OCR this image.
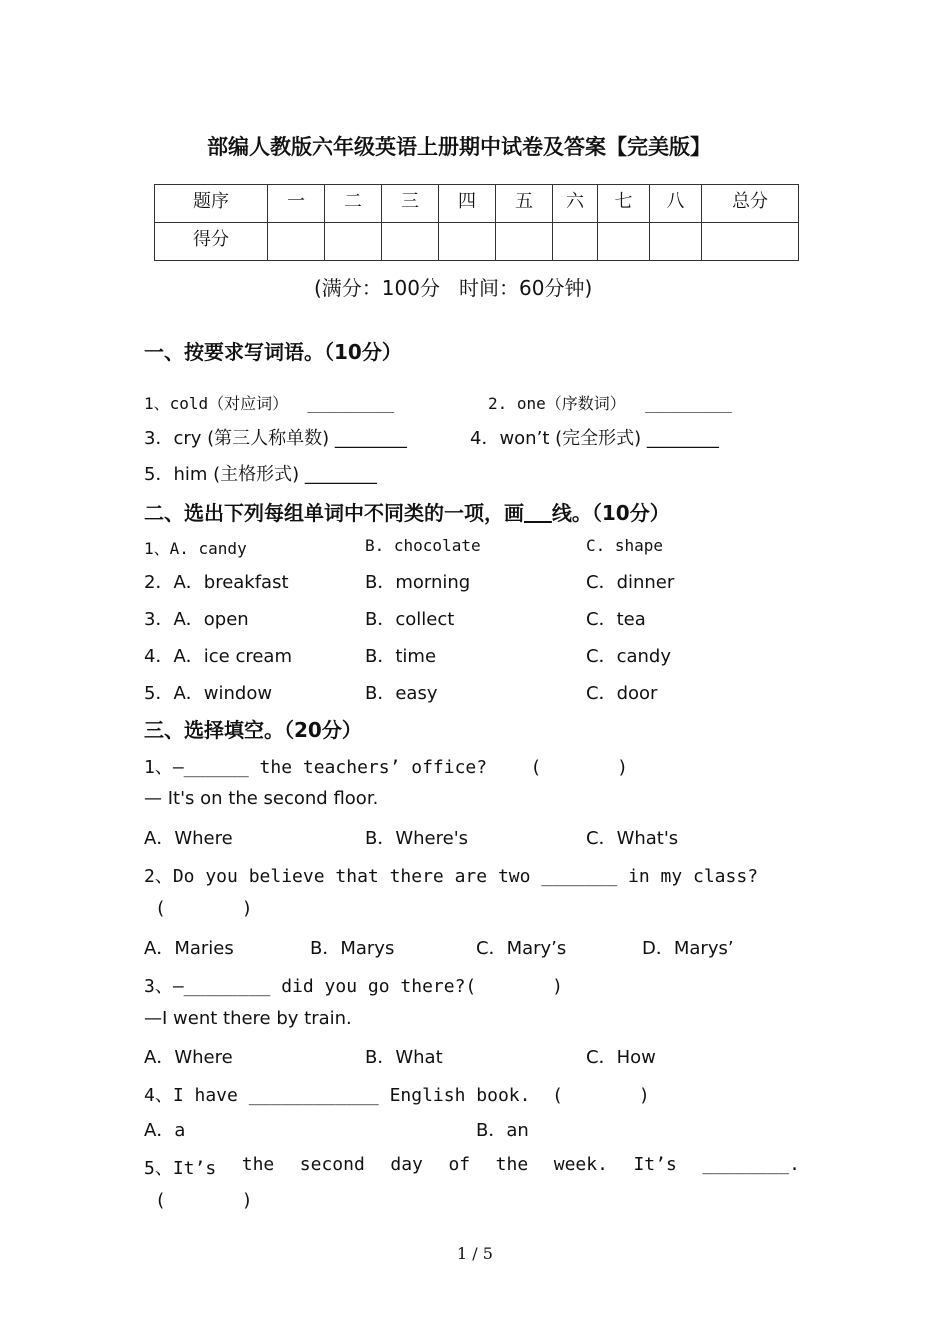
部编人教版六年级英语上册期中试卷及答案【完美版】
题序	一	二	三	四	五	六	七	八	总分
得分									
(满分：100分   时间：60分钟)
一、按要求写词语。（10分）
1、cold（对应词）  _________	2. one（序数词）  _________
3．cry (第三人称单数) ________	4．won’t (完全形式) ________
5．him (主格形式) ________
二、选出下列每组单词中不同类的一项，画 线。（10分）
1、A. candy	B. chocolate	C. shape
2．A．breakfast	B．morning	C．dinner
3．A．open	B．collect	C．tea
4．A．ice cream	B．time	C．candy
5．A．window	B．easy	C．door
三、选择填空。（20分）
1、—______ the teachers’ office?    (       )
— It's on the second floor.
A．Where	B．Where's	C．What's
2、Do you believe that there are two _______ in my class?
(       )
A．Maries	B．Marys	C．Mary’s	D．Marys’
3、—________ did you go there?(       )
—I went there by train.
A．Where	B．What	C．How
4、I have ____________ English book.  (       )
A．a	B．an
5、It’s the second day of the week. It’s ________.
(       )
1 / 5
